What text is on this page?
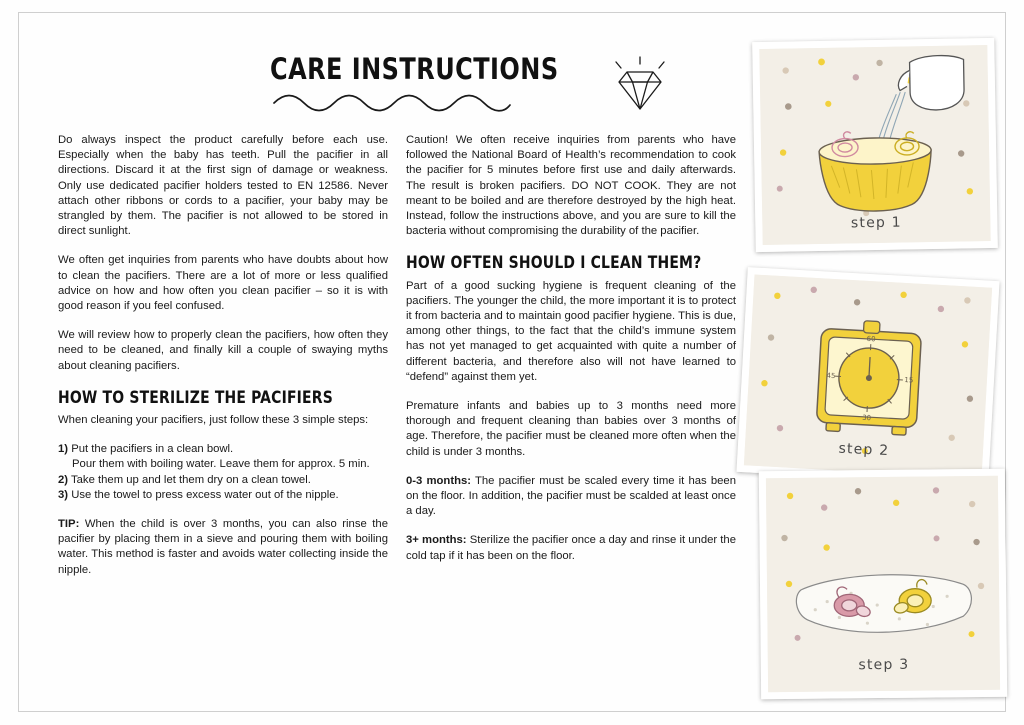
CARE INSTRUCTIONS

Do always inspect the product carefully before each use. Especially when the baby has teeth. Pull the pacifier in all directions. Discard it at the first sign of damage or weakness. Only use dedicated pacifier holders tested to EN 12586. Never attach other ribbons or cords to a pacifier, your baby may be strangled by them. The pacifier is not allowed to be stored in direct sunlight.

We often get inquiries from parents who have doubts about how to clean the pacifiers. There are a lot of more or less qualified advice on how and how often you clean pacifier – so it is with good reason if you feel confused.

We will review how to properly clean the pacifiers, how often they need to be cleaned, and finally kill a couple of swaying myths about cleaning pacifiers.

HOW TO STERILIZE THE PACIFIERS

When cleaning your pacifiers, just follow these 3 simple steps:

1) Put the pacifiers in a clean bowl.
Pour them with boiling water. Leave them for approx. 5 min.
2) Take them up and let them dry on a clean towel.
3) Use the towel to press excess water out of the nipple.

TIP: When the child is over 3 months, you can also rinse the pacifier by placing them in a sieve and pouring them with boiling water. This method is faster and avoids water collecting inside the nipple.

Caution! We often receive inquiries from parents who have followed the National Board of Health’s recommendation to cook the pacifier for 5 minutes before first use and daily afterwards. The result is broken pacifiers. DO NOT COOK. They are not meant to be boiled and are therefore destroyed by the high heat. Instead, follow the instructions above, and you are sure to kill the bacteria without compromising the durability of the pacifier.

HOW OFTEN SHOULD I CLEAN THEM?

Part of a good sucking hygiene is frequent cleaning of the pacifiers. The younger the child, the more important it is to protect it from bacteria and to maintain good pacifier hygiene. This is due, among other things, to the fact that the child’s immune system has not yet managed to get acquainted with quite a number of different bacteria, and therefore also will not have learned to “defend” against them yet.

Premature infants and babies up to 3 months need more thorough and frequent cleaning than babies over 3 months of age. Therefore, the pacifier must be cleaned more often when the child is under 3 months.

0-3 months: The pacifier must be scaled every time it has been on the floor. In addition, the pacifier must be scalded at least once a day.

3+ months: Sterilize the pacifier once a day and rinse it under the cold tap if it has been on the floor.

step 1
60
15
30
45
step 2
step 3
